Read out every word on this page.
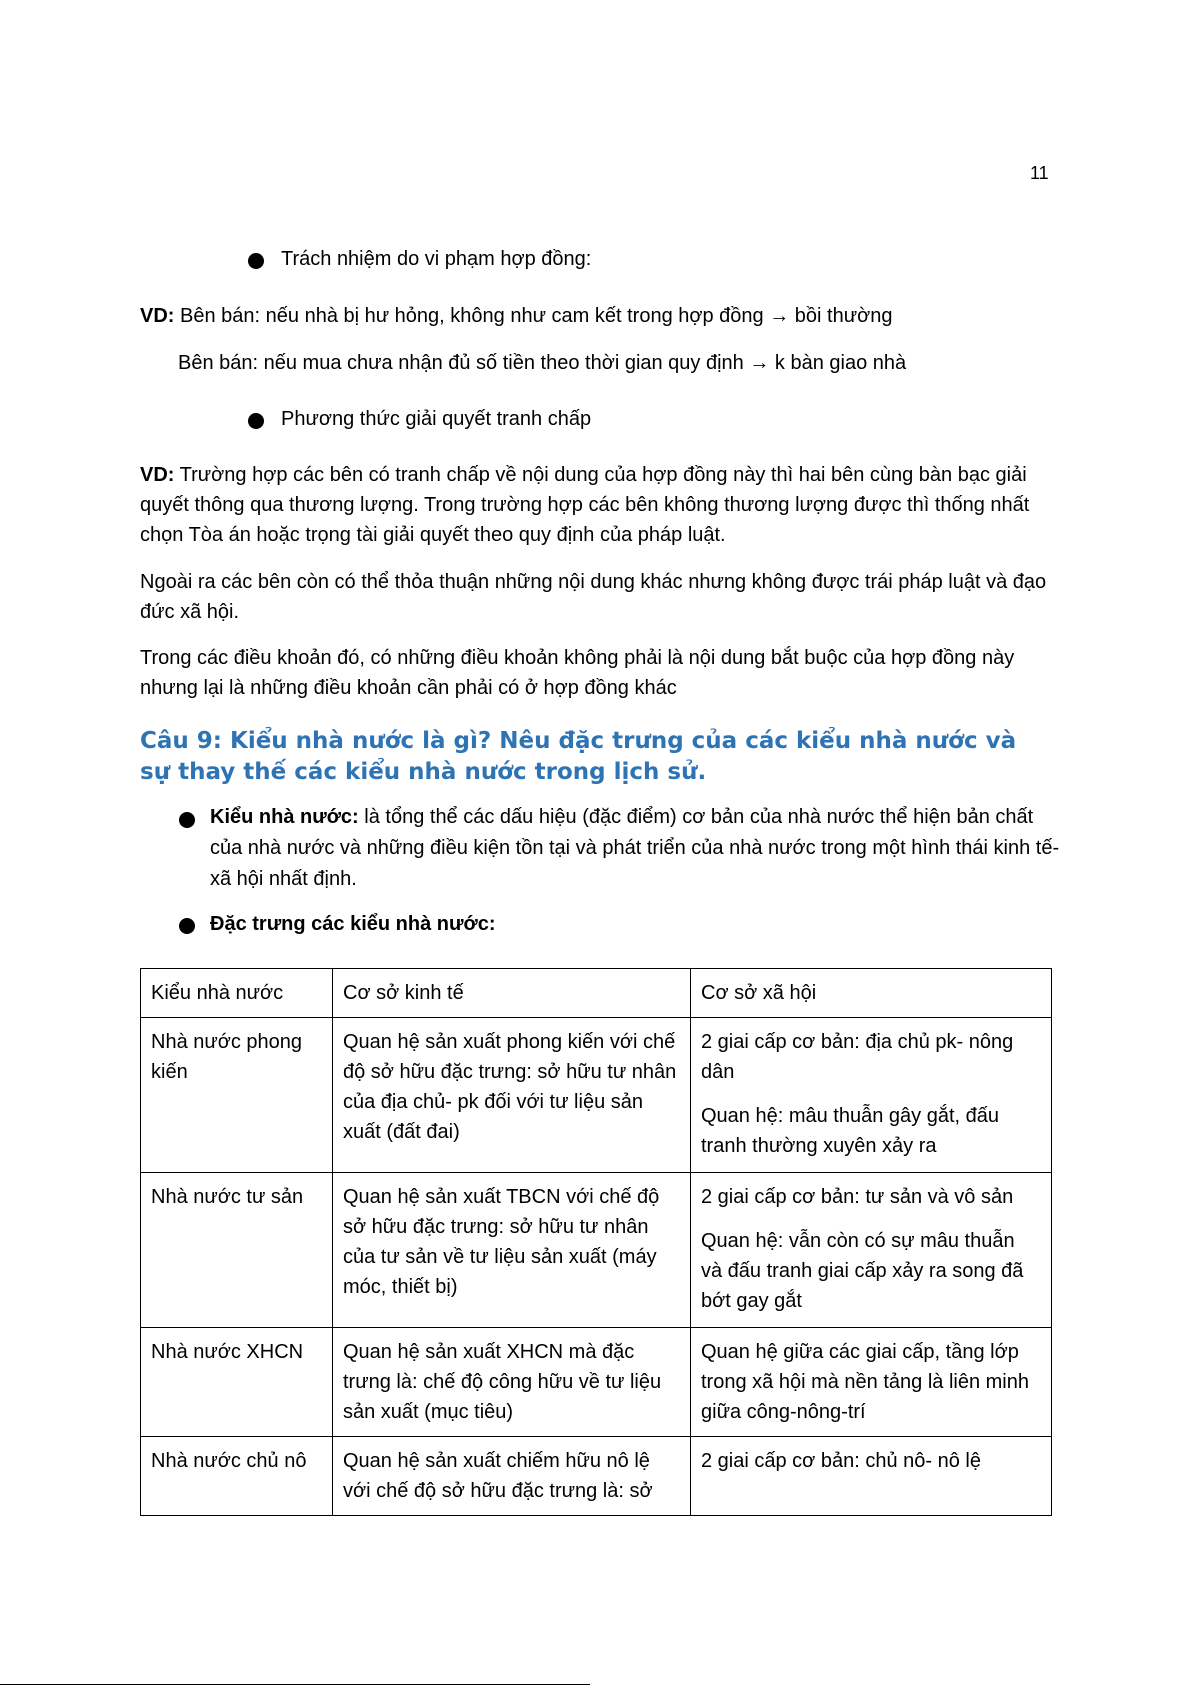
11
Trách nhiệm do vi phạm hợp đồng:
VD: Bên bán: nếu nhà bị hư hỏng, không như cam kết trong hợp đồng → bồi thường
Bên bán: nếu mua chưa nhận đủ số tiền theo thời gian quy định → k bàn giao nhà
Phương thức giải quyết tranh chấp
VD: Trường hợp các bên có tranh chấp về nội dung của hợp đồng này thì hai bên cùng bàn bạc giải quyết thông qua thương lượng. Trong trường hợp các bên không thương lượng được thì thống nhất chọn Tòa án hoặc trọng tài giải quyết theo quy định của pháp luật.
Ngoài ra các bên còn có thể thỏa thuận những nội dung khác nhưng không được trái pháp luật và đạo đức xã hội.
Trong các điều khoản đó, có những điều khoản không phải là nội dung bắt buộc của hợp đồng này nhưng lại là những điều khoản cần phải có ở hợp đồng khác
Câu 9: Kiểu nhà nước là gì? Nêu đặc trưng của các kiểu nhà nước và sự thay thế các kiểu nhà nước trong lịch sử.
Kiểu nhà nước: là tổng thể các dấu hiệu (đặc điểm) cơ bản của nhà nước thể hiện bản chất của nhà nước và những điều kiện tồn tại và phát triển của nhà nước trong một hình thái kinh tế- xã hội nhất định.
Đặc trưng các kiểu nhà nước:
Kiểu nhà nước	Cơ sở kinh tế	Cơ sở xã hội
Nhà nước phong kiến	Quan hệ sản xuất phong kiến với chế độ sở hữu đặc trưng: sở hữu tư nhân của địa chủ- pk đối với tư liệu sản xuất (đất đai)	2 giai cấp cơ bản: địa chủ pk- nông dân

Quan hệ: mâu thuẫn gây gắt, đấu tranh thường xuyên xảy ra

Nhà nước tư sản	Quan hệ sản xuất TBCN với chế độ sở hữu đặc trưng: sở hữu tư nhân của tư sản về tư liệu sản xuất (máy móc, thiết bị)	2 giai cấp cơ bản: tư sản và vô sản

Quan hệ: vẫn còn có sự mâu thuẫn và đấu tranh giai cấp xảy ra song đã bớt gay gắt

Nhà nước XHCN	Quan hệ sản xuất XHCN mà đặc trưng là: chế độ công hữu về tư liệu sản xuất (mục tiêu)	Quan hệ giữa các giai cấp, tầng lớp trong xã hội mà nền tảng là liên minh giữa công-nông-trí
Nhà nước chủ nô	Quan hệ sản xuất chiếm hữu nô lệ với chế độ sở hữu đặc trưng là: sở	2 giai cấp cơ bản: chủ nô- nô lệ
